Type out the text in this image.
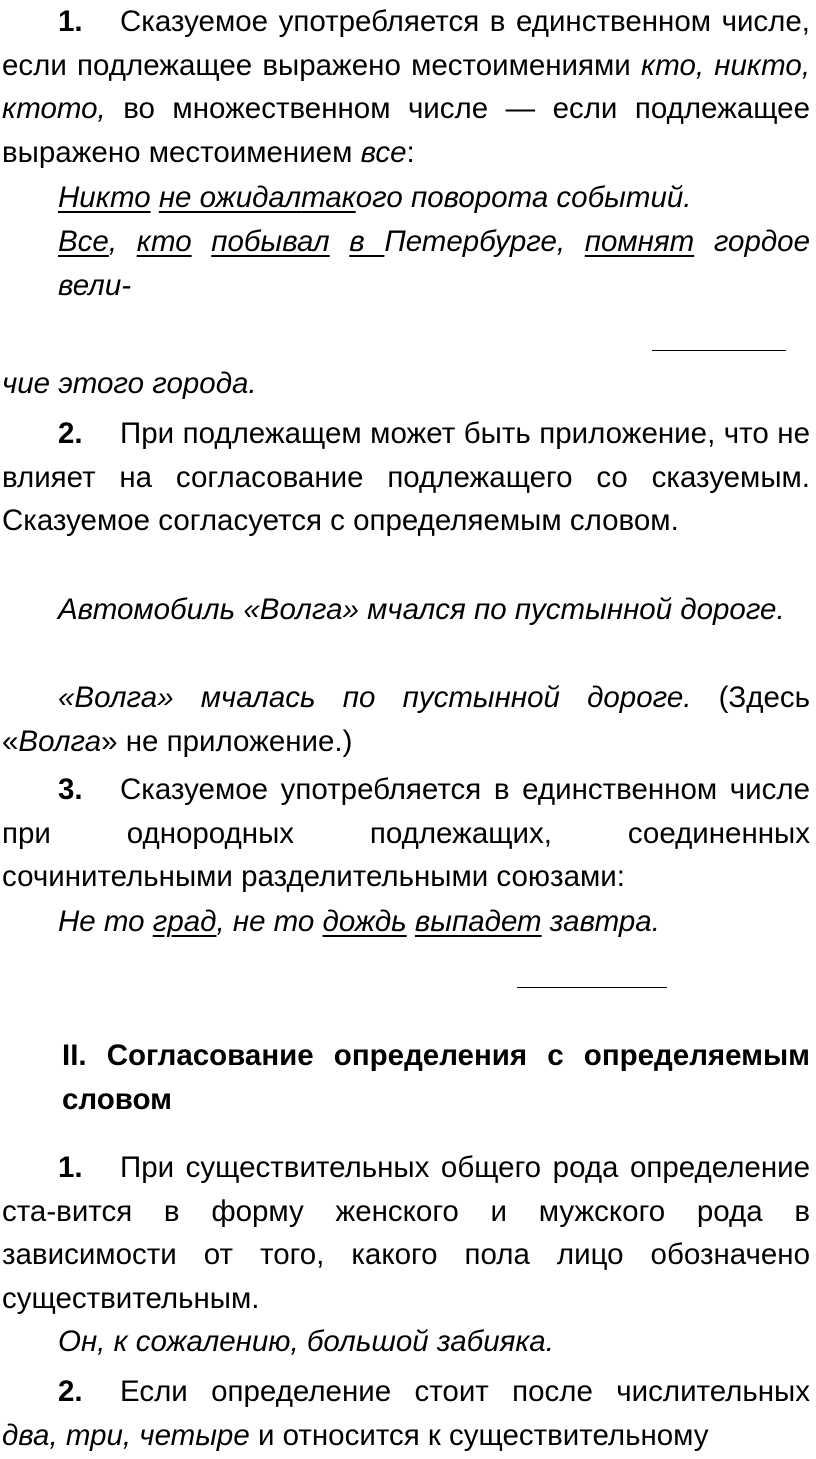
1. Сказуемое употребляется в единственном числе, если подлежащее выражено местоимениями кто, никто, ктото, во множественном числе — если подлежащее выражено местоимением все:
Никто не ожидалтакого поворота событий.
Все, кто побывал в Петербурге, помнят гордое вели-
чие этого города.
2. При подлежащем может быть приложение, что не влияет на согласование подлежащего со сказуемым. Сказуемое согласуется с определяемым словом.
Автомобиль «Волга» мчался по пустынной дороге.
«Волга» мчалась по пустынной дороге. (Здесь «Волга» не приложение.)
3. Сказуемое употребляется в единственном числе при однородных подлежащих, соединенных сочинительными разделительными союзами:
Не то град, не то дождь выпадет завтра.
II. Согласование определения с определяемым словом
1. При существительных общего рода определение ста-вится в форму женского и мужского рода в зависимости от того, какого пола лицо обозначено существительным.
Он, к сожалению, большой забияка.
2. Если определение стоит после числительных два, три, четыре и относится к существительному
